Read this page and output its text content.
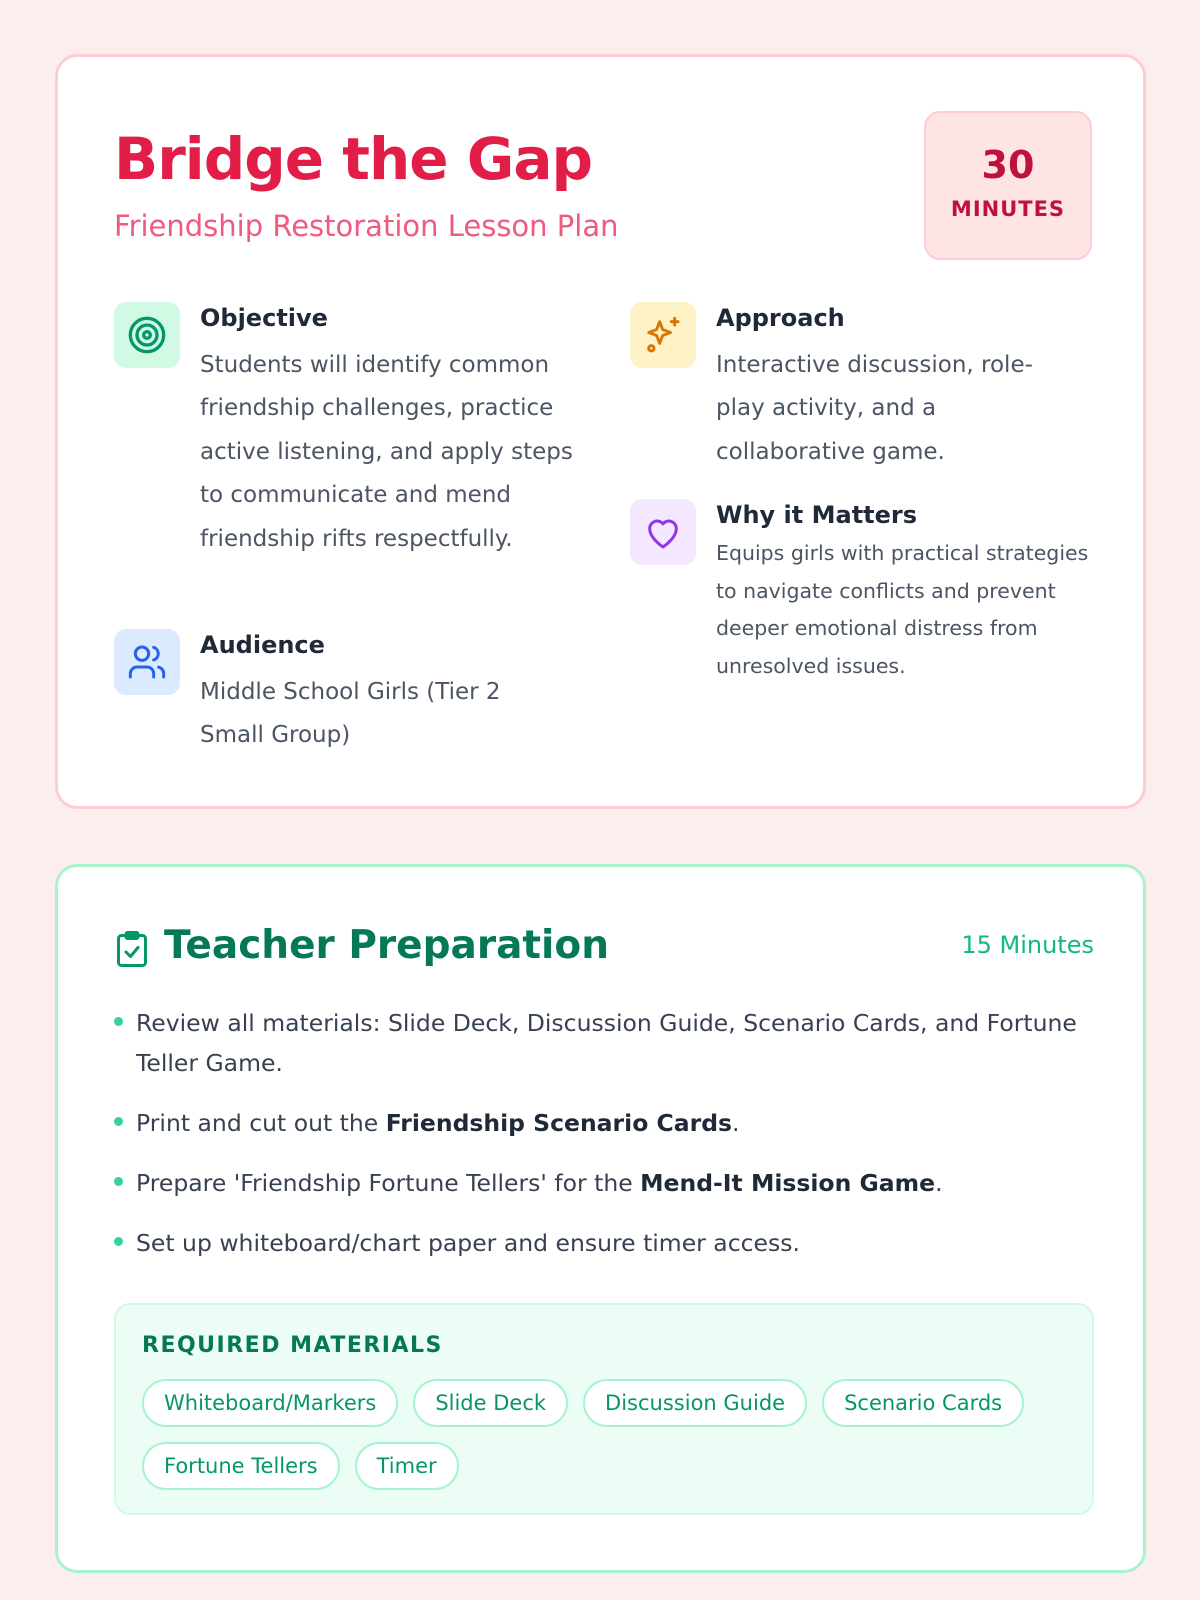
Bridge the Gap
Friendship Restoration Lesson Plan
30
MINUTES
Objective
Students will identify common friendship challenges, practice active listening, and apply steps to communicate and mend friendship rifts respectfully.
Audience
Middle School Girls (Tier 2 Small Group)
Approach
Interactive discussion, role-play activity, and a collaborative game.
Why it Matters
Equips girls with practical strategies to navigate conflicts and prevent deeper emotional distress from unresolved issues.
Teacher Preparation	15 Minutes
Review all materials: Slide Deck, Discussion Guide, Scenario Cards, and Fortune Teller Game.
Print and cut out the Friendship Scenario Cards.
Prepare 'Friendship Fortune Tellers' for the Mend-It Mission Game.
Set up whiteboard/chart paper and ensure timer access.
REQUIRED MATERIALS
Whiteboard/Markers	Slide Deck	Discussion Guide	Scenario Cards
Fortune Tellers	Timer
